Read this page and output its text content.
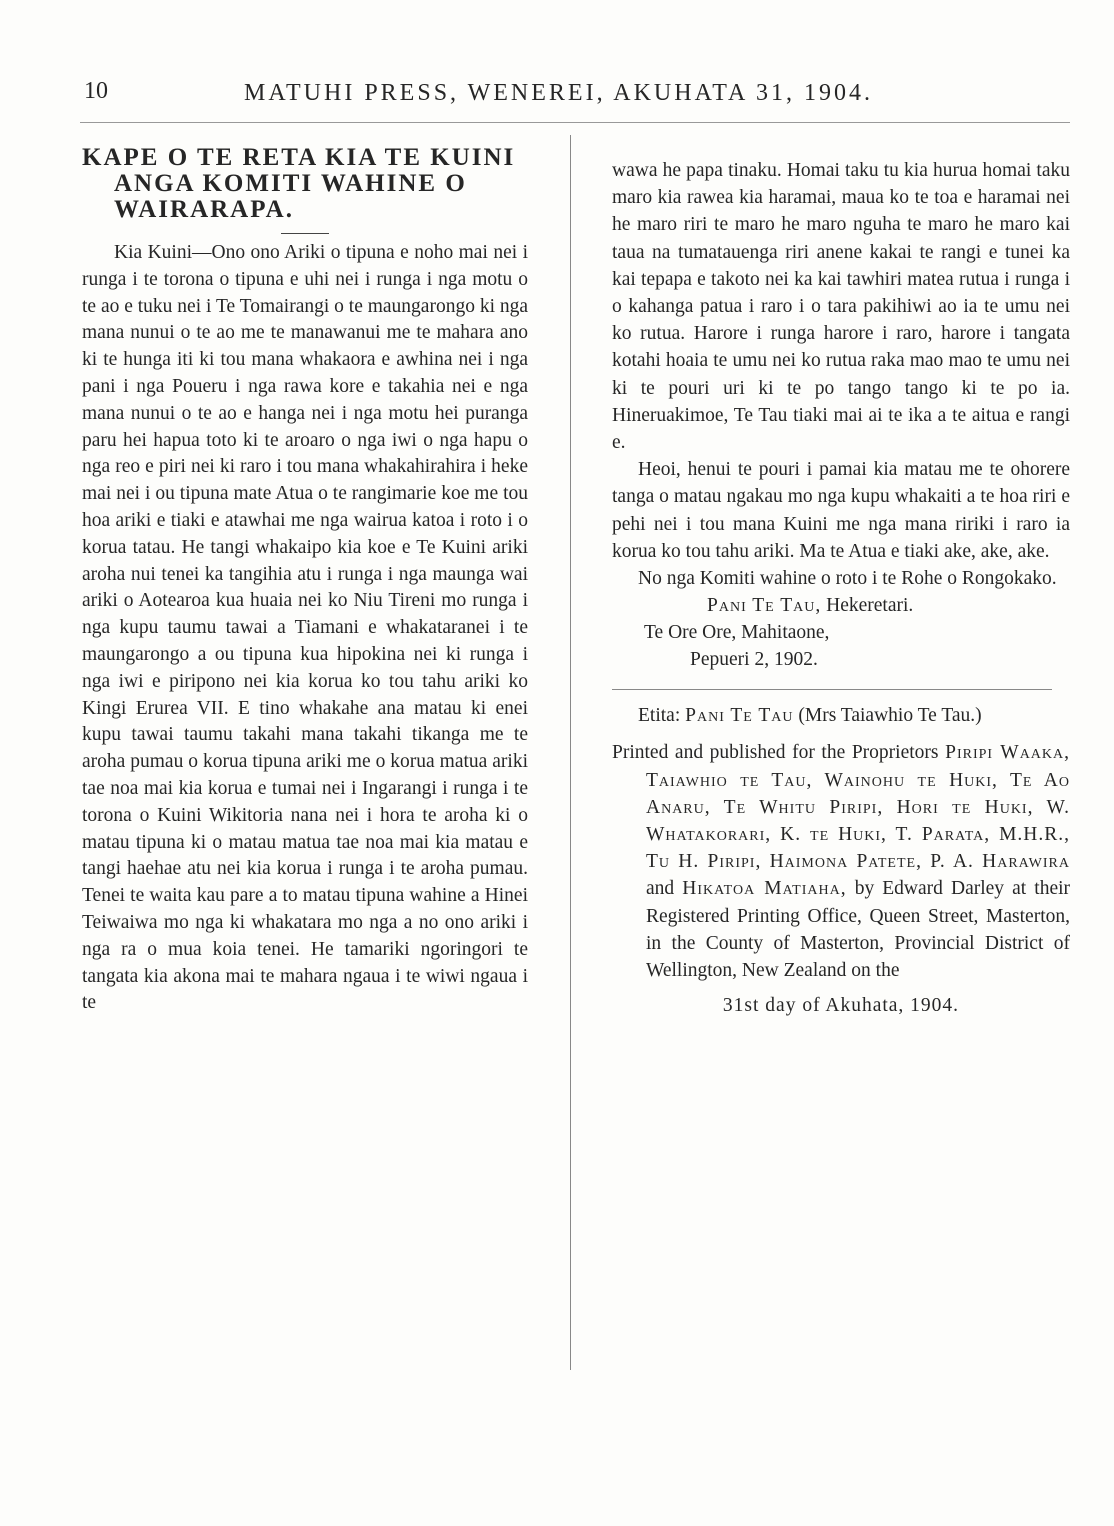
10	MATUHI PRESS, WENEREI, AKUHATA 31, 1904.
KAPE O TE RETA KIA TE KUINI ANGA KOMITI WAHINE O WAIRARAPA.

Kia Kuini—Ono ono Ariki o tipuna e noho mai nei i runga i te torona o tipuna e uhi nei i runga i nga motu o te ao e tuku nei i Te Tomairangi o te maungarongo ki nga mana nunui o te ao me te manawanui me te mahara ano ki te hunga iti ki tou mana whakaora e awhina nei i nga pani i nga Poueru i nga rawa kore e takahia nei e nga mana nunui o te ao e hanga nei i nga motu hei puranga paru hei hapua toto ki te aroaro o nga iwi o nga hapu o nga reo e piri nei ki raro i tou mana whakahirahira i heke mai nei i ou tipuna mate Atua o te rangimarie koe me tou hoa ariki e tiaki e atawhai me nga wairua katoa i roto i o korua tatau. He tangi whakaipo kia koe e Te Kuini ariki aroha nui tenei ka tangihia atu i runga i nga maunga wai ariki o Aotearoa kua huaia nei ko Niu Tireni mo runga i nga kupu taumu tawai a Tiamani e whakataranei i te maungarongo a ou tipuna kua hipokina nei ki runga i nga iwi e piripono nei kia korua ko tou tahu ariki ko Kingi Erurea VII. E tino whakahe ana matau ki enei kupu tawai taumu takahi mana takahi tikanga me te aroha pumau o korua tipuna ariki me o korua matua ariki tae noa mai kia korua e tumai nei i Ingarangi i runga i te torona o Kuini Wikitoria nana nei i hora te aroha ki o matau tipuna ki o matau matua tae noa mai kia matau e tangi haehae atu nei kia korua i runga i te aroha pumau. Tenei te waita kau pare a to matau tipuna wahine a Hinei Teiwaiwa mo nga ki whakatara mo nga a no ono ariki i nga ra o mua koia tenei. He tamariki ngoringori te tangata kia akona mai te mahara ngaua i te wiwi ngaua i te

wawa he papa tinaku. Homai taku tu kia hurua homai taku maro kia rawea kia haramai, maua ko te toa e haramai nei he maro riri te maro he maro nguha te maro he maro kai taua na tumatauenga riri anene kakai te rangi e tunei ka kai tepapa e takoto nei ka kai tawhiri matea rutua i runga i o kahanga patua i raro i o tara pakihiwi ao ia te umu nei ko rutua. Harore i runga harore i raro, harore i tangata kotahi hoaia te umu nei ko rutua raka mao mao te umu nei ki te pouri uri ki te po tango tango ki te po ia. Hineruakimoe, Te Tau tiaki mai ai te ika a te aitua e rangi e.

Heoi, henui te pouri i pamai kia matau me te ohorere tanga o matau ngakau mo nga kupu whakaiti a te hoa riri e pehi nei i tou mana Kuini me nga mana ririki i raro ia korua ko tou tahu ariki. Ma te Atua e tiaki ake, ake, ake.

No nga Komiti wahine o roto i te Rohe o Rongokako.

Pani Te Tau, Hekeretari.
Te Ore Ore, Mahitaone,
Pepueri 2, 1902.

Etita: Pani Te Tau (Mrs Taiawhio Te Tau.)

Printed and published for the Proprietors Piripi Waaka, Taiawhio te Tau, Wainohu te Huki, Te Ao Anaru, Te Whitu Piripi, Hori te Huki, W. Whatakorari, K. te Huki, T. Parata, M.H.R., Tu H. Piripi, Haimona Patete, P. A. Harawira and Hikatoa Matiaha, by Edward Darley at their Registered Printing Office, Queen Street, Masterton, in the County of Masterton, Provincial District of Wellington, New Zealand on the

31st day of Akuhata, 1904.
